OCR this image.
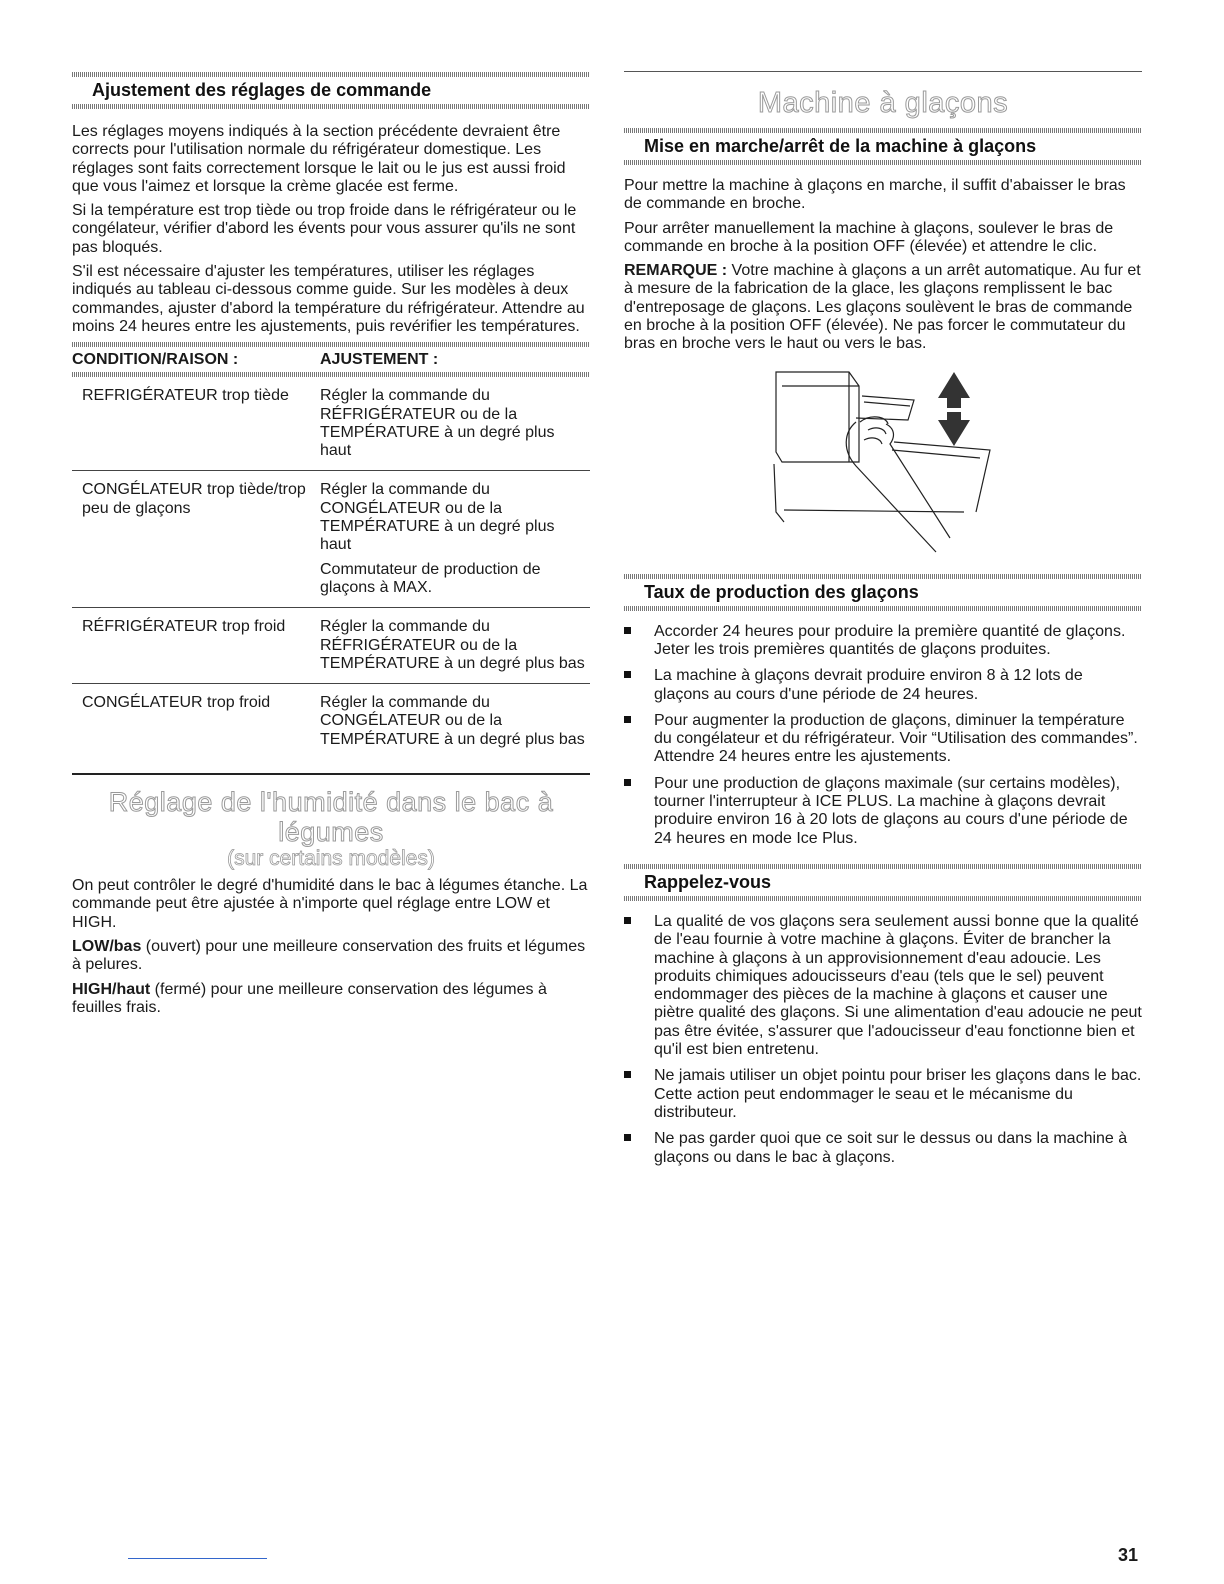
Ajustement des réglages de commande

Les réglages moyens indiqués à la section précédente devraient être corrects pour l'utilisation normale du réfrigérateur domestique. Les réglages sont faits correctement lorsque le lait ou le jus est aussi froid que vous l'aimez et lorsque la crème glacée est ferme.

Si la température est trop tiède ou trop froide dans le réfrigérateur ou le congélateur, vérifier d'abord les évents pour vous assurer qu'ils ne sont pas bloqués.

S'il est nécessaire d'ajuster les températures, utiliser les réglages indiqués au tableau ci-dessous comme guide. Sur les modèles à deux commandes, ajuster d'abord la température du réfrigérateur. Attendre au moins 24 heures entre les ajustements, puis revérifier les températures.

CONDITION/RAISON :	AJUSTEMENT :

REFRIGÉRATEUR trop tiède	Régler la commande du RÉFRIGÉRATEUR ou de la TEMPÉRATURE à un degré plus haut
CONGÉLATEUR trop tiède/trop peu de glaçons	Régler la commande du CONGÉLATEUR ou de la TEMPÉRATURE à un degré plus haut
Commutateur de production de glaçons à MAX.

RÉFRIGÉRATEUR trop froid	Régler la commande du RÉFRIGÉRATEUR ou de la TEMPÉRATURE à un degré plus bas
CONGÉLATEUR trop froid	Régler la commande du CONGÉLATEUR ou de la TEMPÉRATURE à un degré plus bas
Réglage de l'humidité dans le bac à
légumes
(sur certains modèles)

On peut contrôler le degré d'humidité dans le bac à légumes étanche. La commande peut être ajustée à n'importe quel réglage entre LOW et HIGH.

LOW/bas (ouvert) pour une meilleure conservation des fruits et légumes à pelures.

HIGH/haut (fermé) pour une meilleure conservation des légumes à feuilles frais.

Machine à glaçons
Mise en marche/arrêt de la machine à glaçons

Pour mettre la machine à glaçons en marche, il suffit d'abaisser le bras de commande en broche.

Pour arrêter manuellement la machine à glaçons, soulever le bras de commande en broche à la position OFF (élevée) et attendre le clic.

REMARQUE : Votre machine à glaçons a un arrêt automatique. Au fur et à mesure de la fabrication de la glace, les glaçons remplissent le bac d'entreposage de glaçons. Les glaçons soulèvent le bras de commande en broche à la position OFF (élevée). Ne pas forcer le commutateur du bras en broche vers le haut ou vers le bas.

Taux de production des glaçons
Accorder 24 heures pour produire la première quantité de glaçons. Jeter les trois premières quantités de glaçons produites.
La machine à glaçons devrait produire environ 8 à 12 lots de glaçons au cours d'une période de 24 heures.
Pour augmenter la production de glaçons, diminuer la température du congélateur et du réfrigérateur. Voir “Utilisation des commandes”. Attendre 24 heures entre les ajustements.
Pour une production de glaçons maximale (sur certains modèles), tourner l'interrupteur à ICE PLUS. La machine à glaçons devrait produire environ 16 à 20 lots de glaçons au cours d'une période de 24 heures en mode Ice Plus.
Rappelez-vous
La qualité de vos glaçons sera seulement aussi bonne que la qualité de l'eau fournie à votre machine à glaçons. Éviter de brancher la machine à glaçons à un approvisionnement d'eau adoucie. Les produits chimiques adoucisseurs d'eau (tels que le sel) peuvent endommager des pièces de la machine à glaçons et causer une piètre qualité des glaçons. Si une alimentation d'eau adoucie ne peut pas être évitée, s'assurer que l'adoucisseur d'eau fonctionne bien et qu'il est bien entretenu.
Ne jamais utiliser un objet pointu pour briser les glaçons dans le bac. Cette action peut endommager le seau et le mécanisme du distributeur.
Ne pas garder quoi que ce soit sur le dessus ou dans la machine à glaçons ou dans le bac à glaçons.
31
